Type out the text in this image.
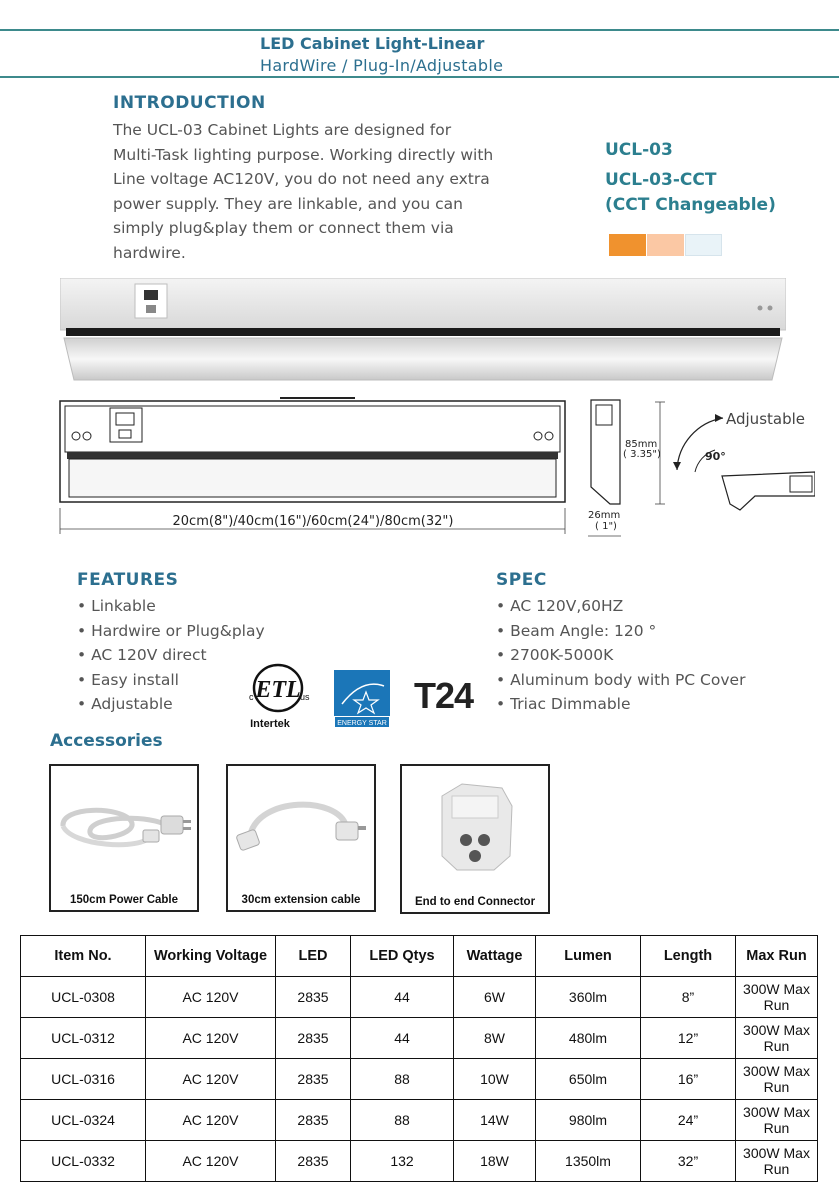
LED Cabinet Light-Linear
HardWire / Plug-In/Adjustable
INTRODUCTION
The UCL-03 Cabinet Lights are designed for
Multi-Task lighting purpose. Working directly with
Line voltage AC120V, you do not need any extra
power supply. They are linkable, and you can
simply plug&play them or connect them via
hardwire.
UCL-03
UCL-03-CCT
(CCT Changeable)
20cm(8")/40cm(16")/60cm(24")/80cm(32")
85mm
( 3.35")
26mm
( 1")
Adjustable
90°
FEATURES
• Linkable
• Hardwire or Plug&play
• AC 120V direct
• Easy install
• Adjustable
ETL
c	us
Intertek	ENERGY STAR
T24
SPEC
• AC 120V,60HZ
• Beam Angle: 120 °
• 2700K-5000K
• Aluminum body with PC Cover
• Triac Dimmable
Accessories
150cm Power Cable	30cm extension cable	End to end Connector
Item No.	Working Voltage	LED	LED Qtys	Wattage	Lumen	Length	Max Run
UCL-0308	AC 120V	2835	44	6W	360lm	8”	300W Max Run
UCL-0312	AC 120V	2835	44	8W	480lm	12”	300W Max Run
UCL-0316	AC 120V	2835	88	10W	650lm	16”	300W Max Run
UCL-0324	AC 120V	2835	88	14W	980lm	24”	300W Max Run
UCL-0332	AC 120V	2835	132	18W	1350lm	32”	300W Max Run
